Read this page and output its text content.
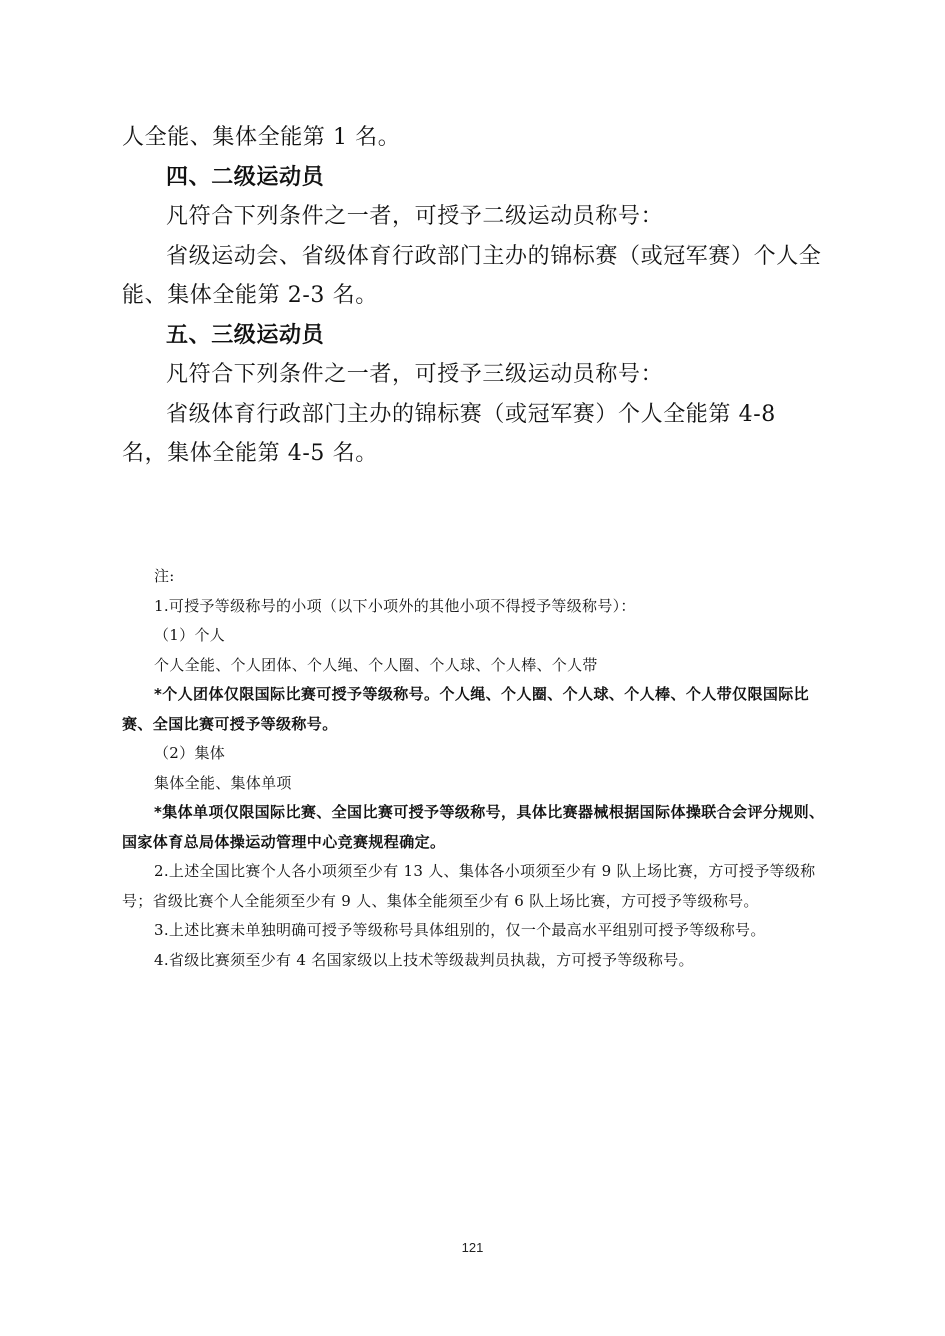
人全能、集体全能第 1 名。

四、二级运动员

凡符合下列条件之一者，可授予二级运动员称号：

省级运动会、省级体育行政部门主办的锦标赛（或冠军赛）个人全能、集体全能第 2-3 名。

五、三级运动员

凡符合下列条件之一者，可授予三级运动员称号：

省级体育行政部门主办的锦标赛（或冠军赛）个人全能第 4-8 名，集体全能第 4-5 名。

注:

1.可授予等级称号的小项（以下小项外的其他小项不得授予等级称号）：

（1）个人

个人全能、个人团体、个人绳、个人圈、个人球、个人棒、个人带

*个人团体仅限国际比赛可授予等级称号。个人绳、个人圈、个人球、个人棒、个人带仅限国际比赛、全国比赛可授予等级称号。

（2）集体

集体全能、集体单项

*集体单项仅限国际比赛、全国比赛可授予等级称号，具体比赛器械根据国际体操联合会评分规则、国家体育总局体操运动管理中心竞赛规程确定。

2.上述全国比赛个人各小项须至少有 13 人、集体各小项须至少有 9 队上场比赛，方可授予等级称号；省级比赛个人全能须至少有 9 人、集体全能须至少有 6 队上场比赛，方可授予等级称号。

3.上述比赛未单独明确可授予等级称号具体组别的，仅一个最高水平组别可授予等级称号。

4.省级比赛须至少有 4 名国家级以上技术等级裁判员执裁，方可授予等级称号。

121
